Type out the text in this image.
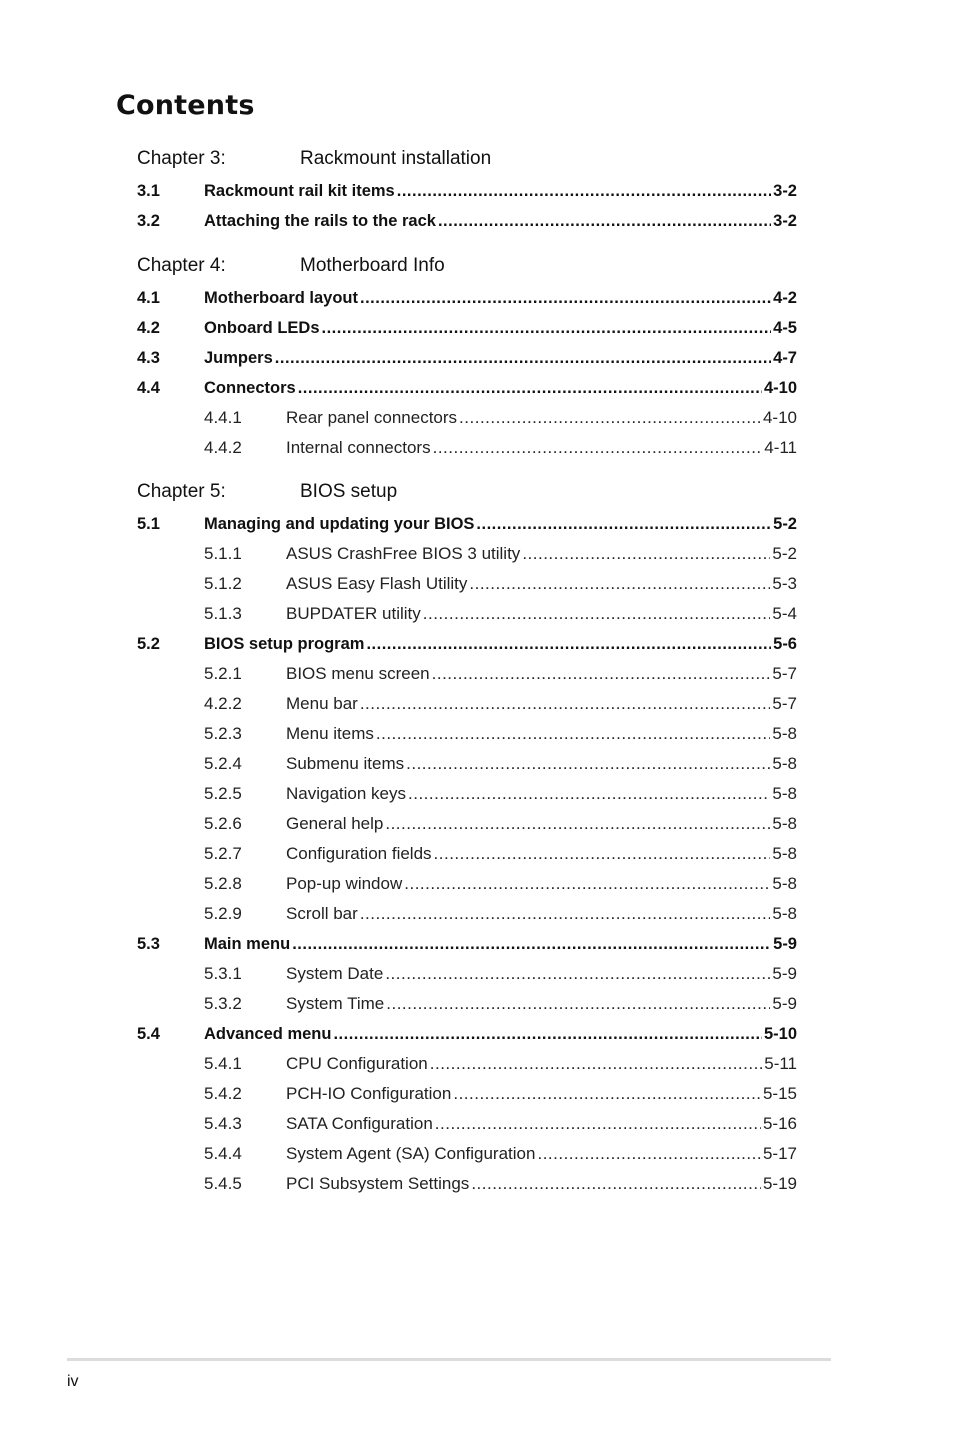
Contents
Chapter 3:	Rackmount installation
3.1	Rackmount rail kit items .....	3-2
3.2	Attaching the rails to the rack .....	3-2
Chapter 4:	Motherboard Info
4.1	Motherboard layout .....	4-2
4.2	Onboard LEDs .....	4-5
4.3	Jumpers .....	4-7
4.4	Connectors .....	4-10
4.4.1	Rear panel connectors .....	4-10
4.4.2	Internal connectors .....	4-11
Chapter 5:	BIOS setup
5.1	Managing and updating your BIOS .....	5-2
5.1.1	ASUS CrashFree BIOS 3 utility .....	5-2
5.1.2	ASUS Easy Flash Utility .....	5-3
5.1.3	BUPDATER utility .....	5-4
5.2	BIOS setup program .....	5-6
5.2.1	BIOS menu screen .....	5-7
4.2.2	Menu bar .....	5-7
5.2.3	Menu items .....	5-8
5.2.4	Submenu items .....	5-8
5.2.5	Navigation keys .....	5-8
5.2.6	General help .....	5-8
5.2.7	Configuration fields .....	5-8
5.2.8	Pop-up window .....	5-8
5.2.9	Scroll bar .....	5-8
5.3	Main menu .....	5-9
5.3.1	System Date .....	5-9
5.3.2	System Time .....	5-9
5.4	Advanced menu .....	5-10
5.4.1	CPU Configuration .....	5-11
5.4.2	PCH-IO Configuration .....	5-15
5.4.3	SATA Configuration .....	5-16
5.4.4	System Agent (SA) Configuration .....	5-17
5.4.5	PCI Subsystem Settings .....	5-19
iv
